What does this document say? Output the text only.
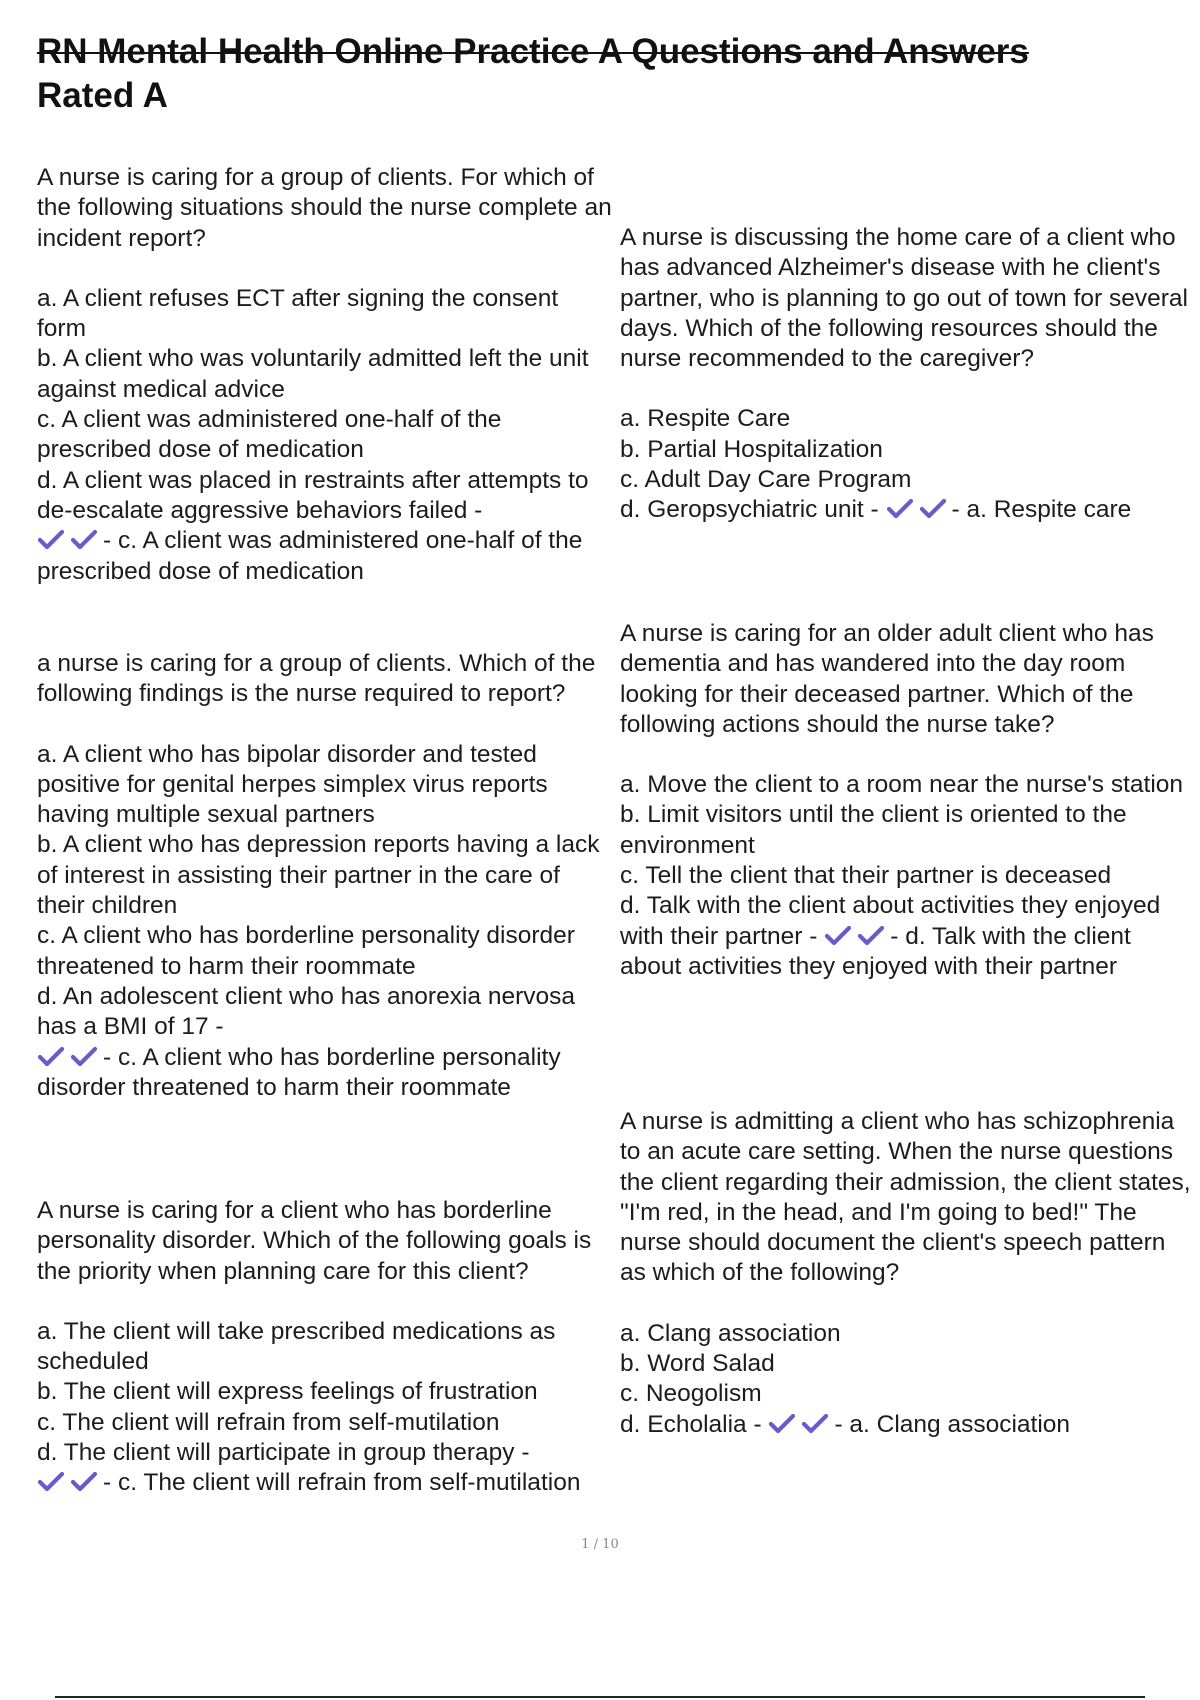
RN Mental Health Online Practice A Questions and Answers
Rated A

A nurse is caring for a group of clients. For which of the following situations should the nurse complete an incident report?

a. A client refuses ECT after signing the consent form

b. A client who was voluntarily admitted left the unit against medical advice

c. A client was administered one-half of the prescribed dose of medication

d. A client was placed in restraints after attempts to de-escalate aggressive behaviors failed -

- c. A client was administered one-half of the prescribed dose of medication

a nurse is caring for a group of clients. Which of the following findings is the nurse required to report?

a. A client who has bipolar disorder and tested positive for genital herpes simplex virus reports having multiple sexual partners

b. A client who has depression reports having a lack of interest in assisting their partner in the care of their children

c. A client who has borderline personality disorder threatened to harm their roommate

d. An adolescent client who has anorexia nervosa has a BMI of 17 -

- c. A client who has borderline personality disorder threatened to harm their roommate

A nurse is caring for a client who has borderline personality disorder. Which of the following goals is the priority when planning care for this client?

a. The client will take prescribed medications as scheduled

b. The client will express feelings of frustration

c. The client will refrain from self-mutilation

d. The client will participate in group therapy -

- c. The client will refrain from self-mutilation

A nurse is discussing the home care of a client who has advanced Alzheimer's disease with he client's partner, who is planning to go out of town for several days. Which of the following resources should the nurse recommended to the caregiver?

a. Respite Care

b. Partial Hospitalization

c. Adult Day Care Program

d. Geropsychiatric unit -	- a. Respite care

A nurse is caring for an older adult client who has dementia and has wandered into the day room looking for their deceased partner. Which of the following actions should the nurse take?

a. Move the client to a room near the nurse's station

b. Limit visitors until the client is oriented to the environment

c. Tell the client that their partner is deceased

d. Talk with the client about activities they enjoyed with their partner -	- d. Talk with the client about activities they enjoyed with their partner

A nurse is admitting a client who has schizophrenia to an acute care setting. When the nurse questions the client regarding their admission, the client states, "I'm red, in the head, and I'm going to bed!" The nurse should document the client's speech pattern as which of the following?

a. Clang association

b. Word Salad

c. Neogolism

d. Echolalia -	- a. Clang association

1 / 10
